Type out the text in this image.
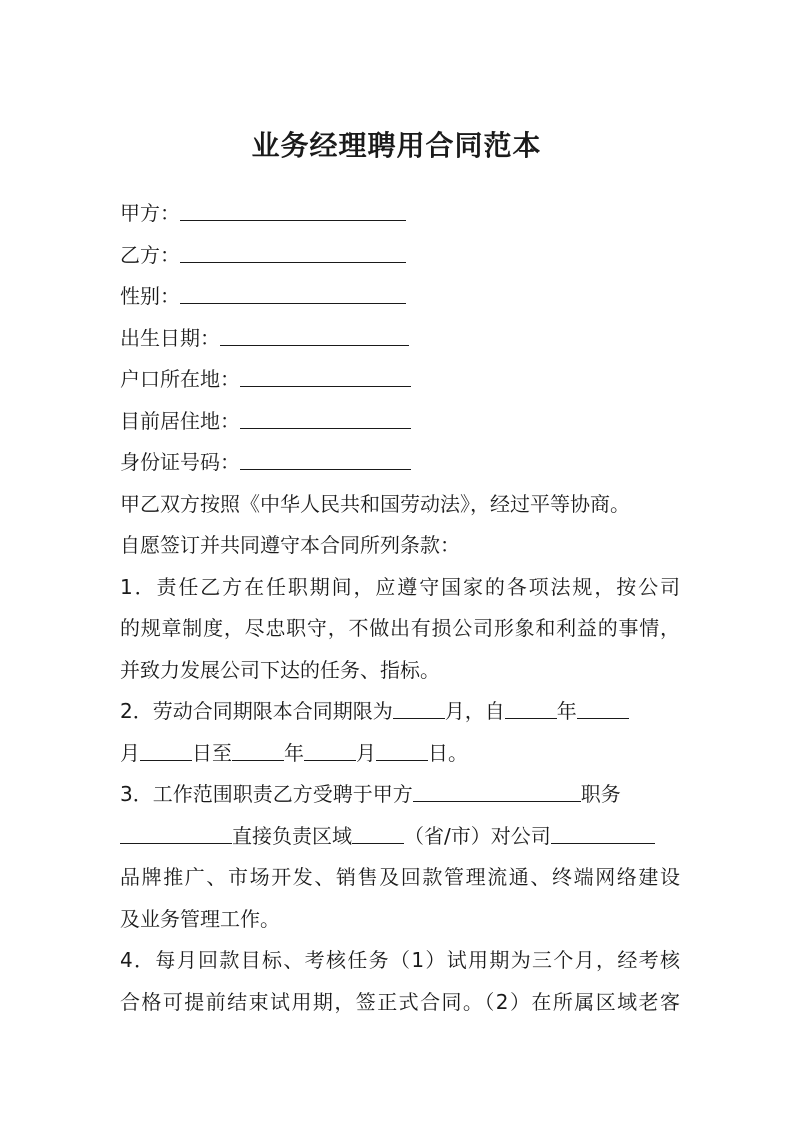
业务经理聘用合同范本
甲方：
乙方：
性别：
出生日期：
户口所在地：
目前居住地：
身份证号码：
甲乙双方按照《中华人民共和国劳动法》，经过平等协商。
自愿签订并共同遵守本合同所列条款：
1．责任乙方在任职期间，应遵守国家的各项法规，按公司
的规章制度，尽忠职守，不做出有损公司形象和利益的事情，
并致力发展公司下达的任务、指标。
2．劳动合同期限本合同期限为	月，自	年
月	日至	年	月	日。
3．工作范围职责乙方受聘于甲方	职务
直接负责区域	（省/市）对公司
品牌推广、市场开发、销售及回款管理流通、终端网络建设
及业务管理工作。
4．每月回款目标、考核任务（1）试用期为三个月，经考核
合格可提前结束试用期，签正式合同。（2）在所属区域老客
